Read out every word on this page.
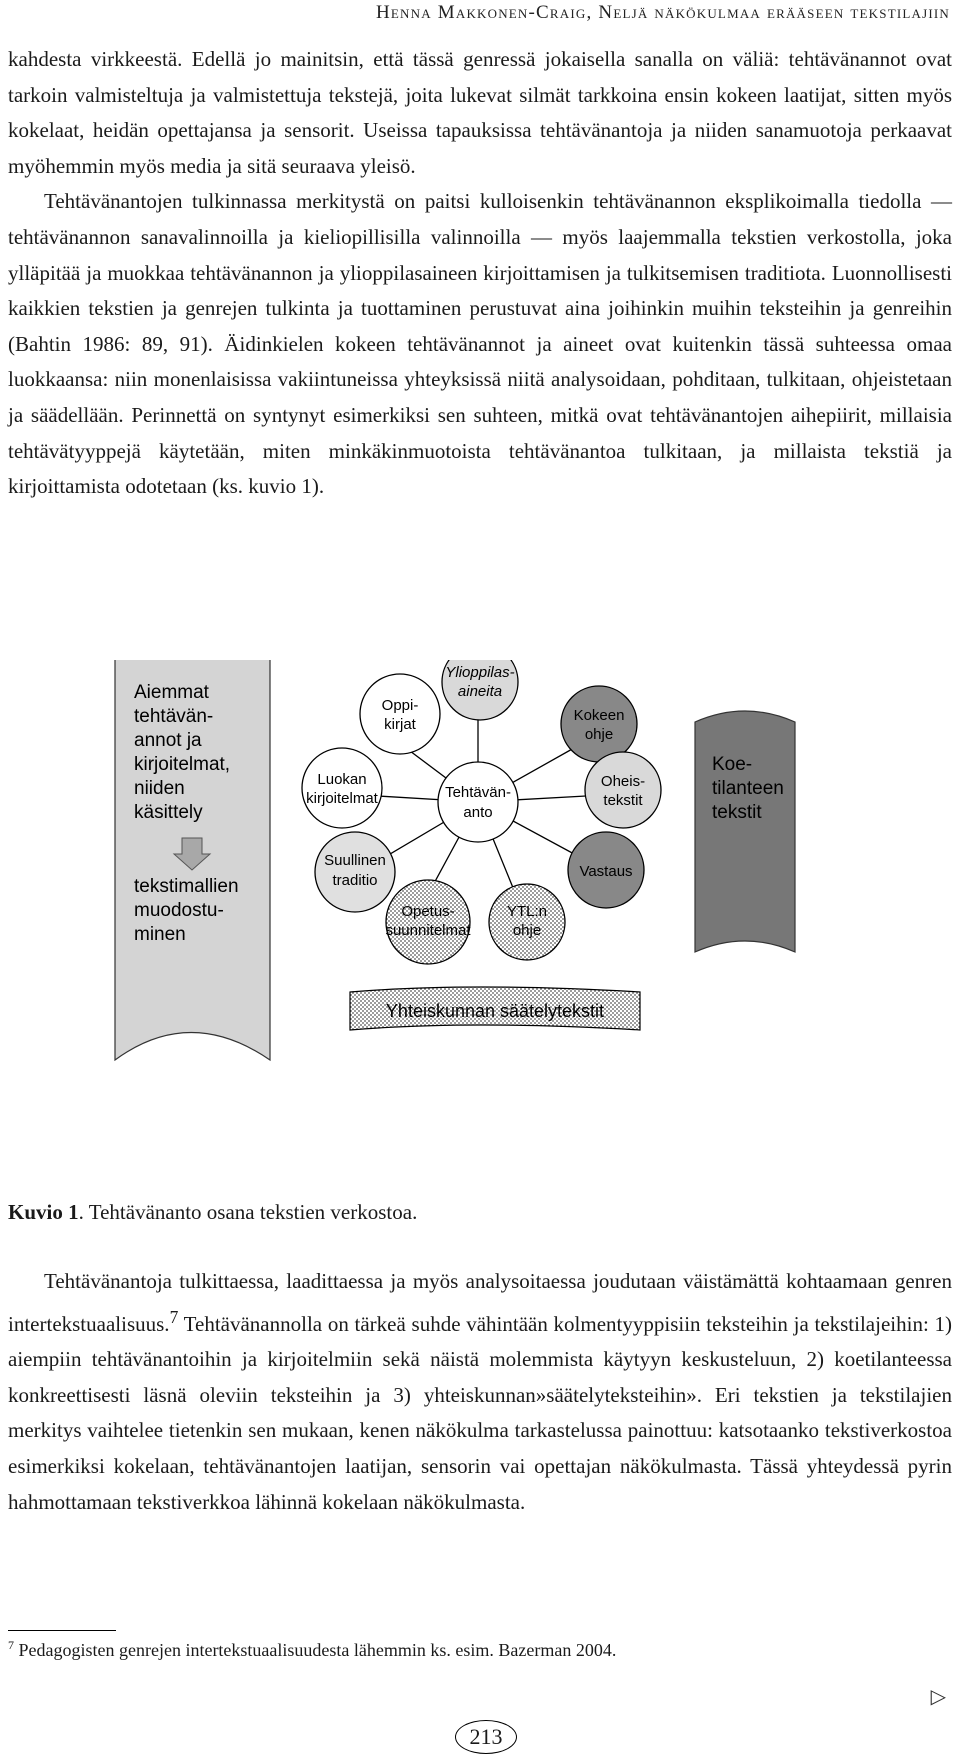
Henna Makkonen-Craig, Neljä näkökulmaa erääseen tekstilajiin
kahdesta virkkeestä. Edellä jo mainitsin, että tässä genressä jokaisella sanalla on väliä: tehtävänannot ovat tarkoin valmisteltuja ja valmistettuja tekstejä, joita lukevat silmät tarkkoina ensin kokeen laatijat, sitten myös kokelaat, heidän opettajansa ja sensorit. Useissa tapauksissa tehtävänantoja ja niiden sanamuotoja perkaavat myöhemmin myös media ja sitä seuraava yleisö.
Tehtävänantojen tulkinnassa merkitystä on paitsi kulloisenkin tehtävänannon eksplikoimalla tiedolla — tehtävänannon sanavalinnoilla ja kieliopillisilla valinnoilla — myös laajemmalla tekstien verkostolla, joka ylläpitää ja muokkaa tehtävänannon ja ylioppilasaineen kirjoittamisen ja tulkitsemisen traditiota. Luonnollisesti kaikkien tekstien ja genrejen tulkinta ja tuottaminen perustuvat aina joihinkin muihin teksteihin ja genreihin (Bahtin 1986: 89, 91). Äidinkielen kokeen tehtävänannot ja aineet ovat kuitenkin tässä suhteessa omaa luokkaansa: niin monenlaisissa vakiintuneissa yhteyksissä niitä analysoidaan, pohditaan, tulkitaan, ohjeistetaan ja säädellään. Perinnettä on syntynyt esimerkiksi sen suhteen, mitkä ovat tehtävänantojen aihepiirit, millaisia tehtävätyyppejä käytetään, miten minkäkinmuotoista tehtävänantoa tulkitaan, ja millaista tekstiä ja kirjoittamista odotetaan (ks. kuvio 1).
Aiemmat
tehtävän-
annot ja
kirjoitelmat,
niiden
käsittely
tekstimallien
muodostu-
minen
Koe-
tilanteen
tekstit
Tehtävän-
anto
Ylioppilas-
aineita
Kokeen
ohje
Oheis-
tekstit
Vastaus
YTL:n
ohje
Opetus-
suunnitelmat
Suullinen
traditio
Luokan
kirjoitelmat
Oppi-
kirjat
Yhteiskunnan säätelytekstit
Kuvio 1. Tehtävänanto osana tekstien verkostoa.
Tehtävänantoja tulkittaessa, laadittaessa ja myös analysoitaessa joudutaan väistämättä kohtaamaan genren intertekstuaalisuus.$^7$ Tehtävänannolla on tärkeä suhde vähintään kolmentyyppisiin teksteihin ja tekstilajeihin: 1) aiempiin tehtävänantoihin ja kirjoitelmiin sekä näistä molemmista käytyyn keskusteluun, 2) koetilanteessa konkreettisesti läsnä oleviin teksteihin ja 3) yhteiskunnan»säätelyteksteihin». Eri tekstien ja tekstilajien merkitys vaihtelee tietenkin sen mukaan, kenen näkökulma tarkastelussa painottuu: katsotaanko tekstiverkostoa esimerkiksi kokelaan, tehtävänantojen laatijan, sensorin vai opettajan näkökulmasta. Tässä yhteydessä pyrin hahmottamaan tekstiverkkoa lähinnä kokelaan näkökulmasta.
$^7$ Pedagogisten genrejen intertekstuaalisuudesta lähemmin ks. esim. Bazerman 2004.
▷
213
